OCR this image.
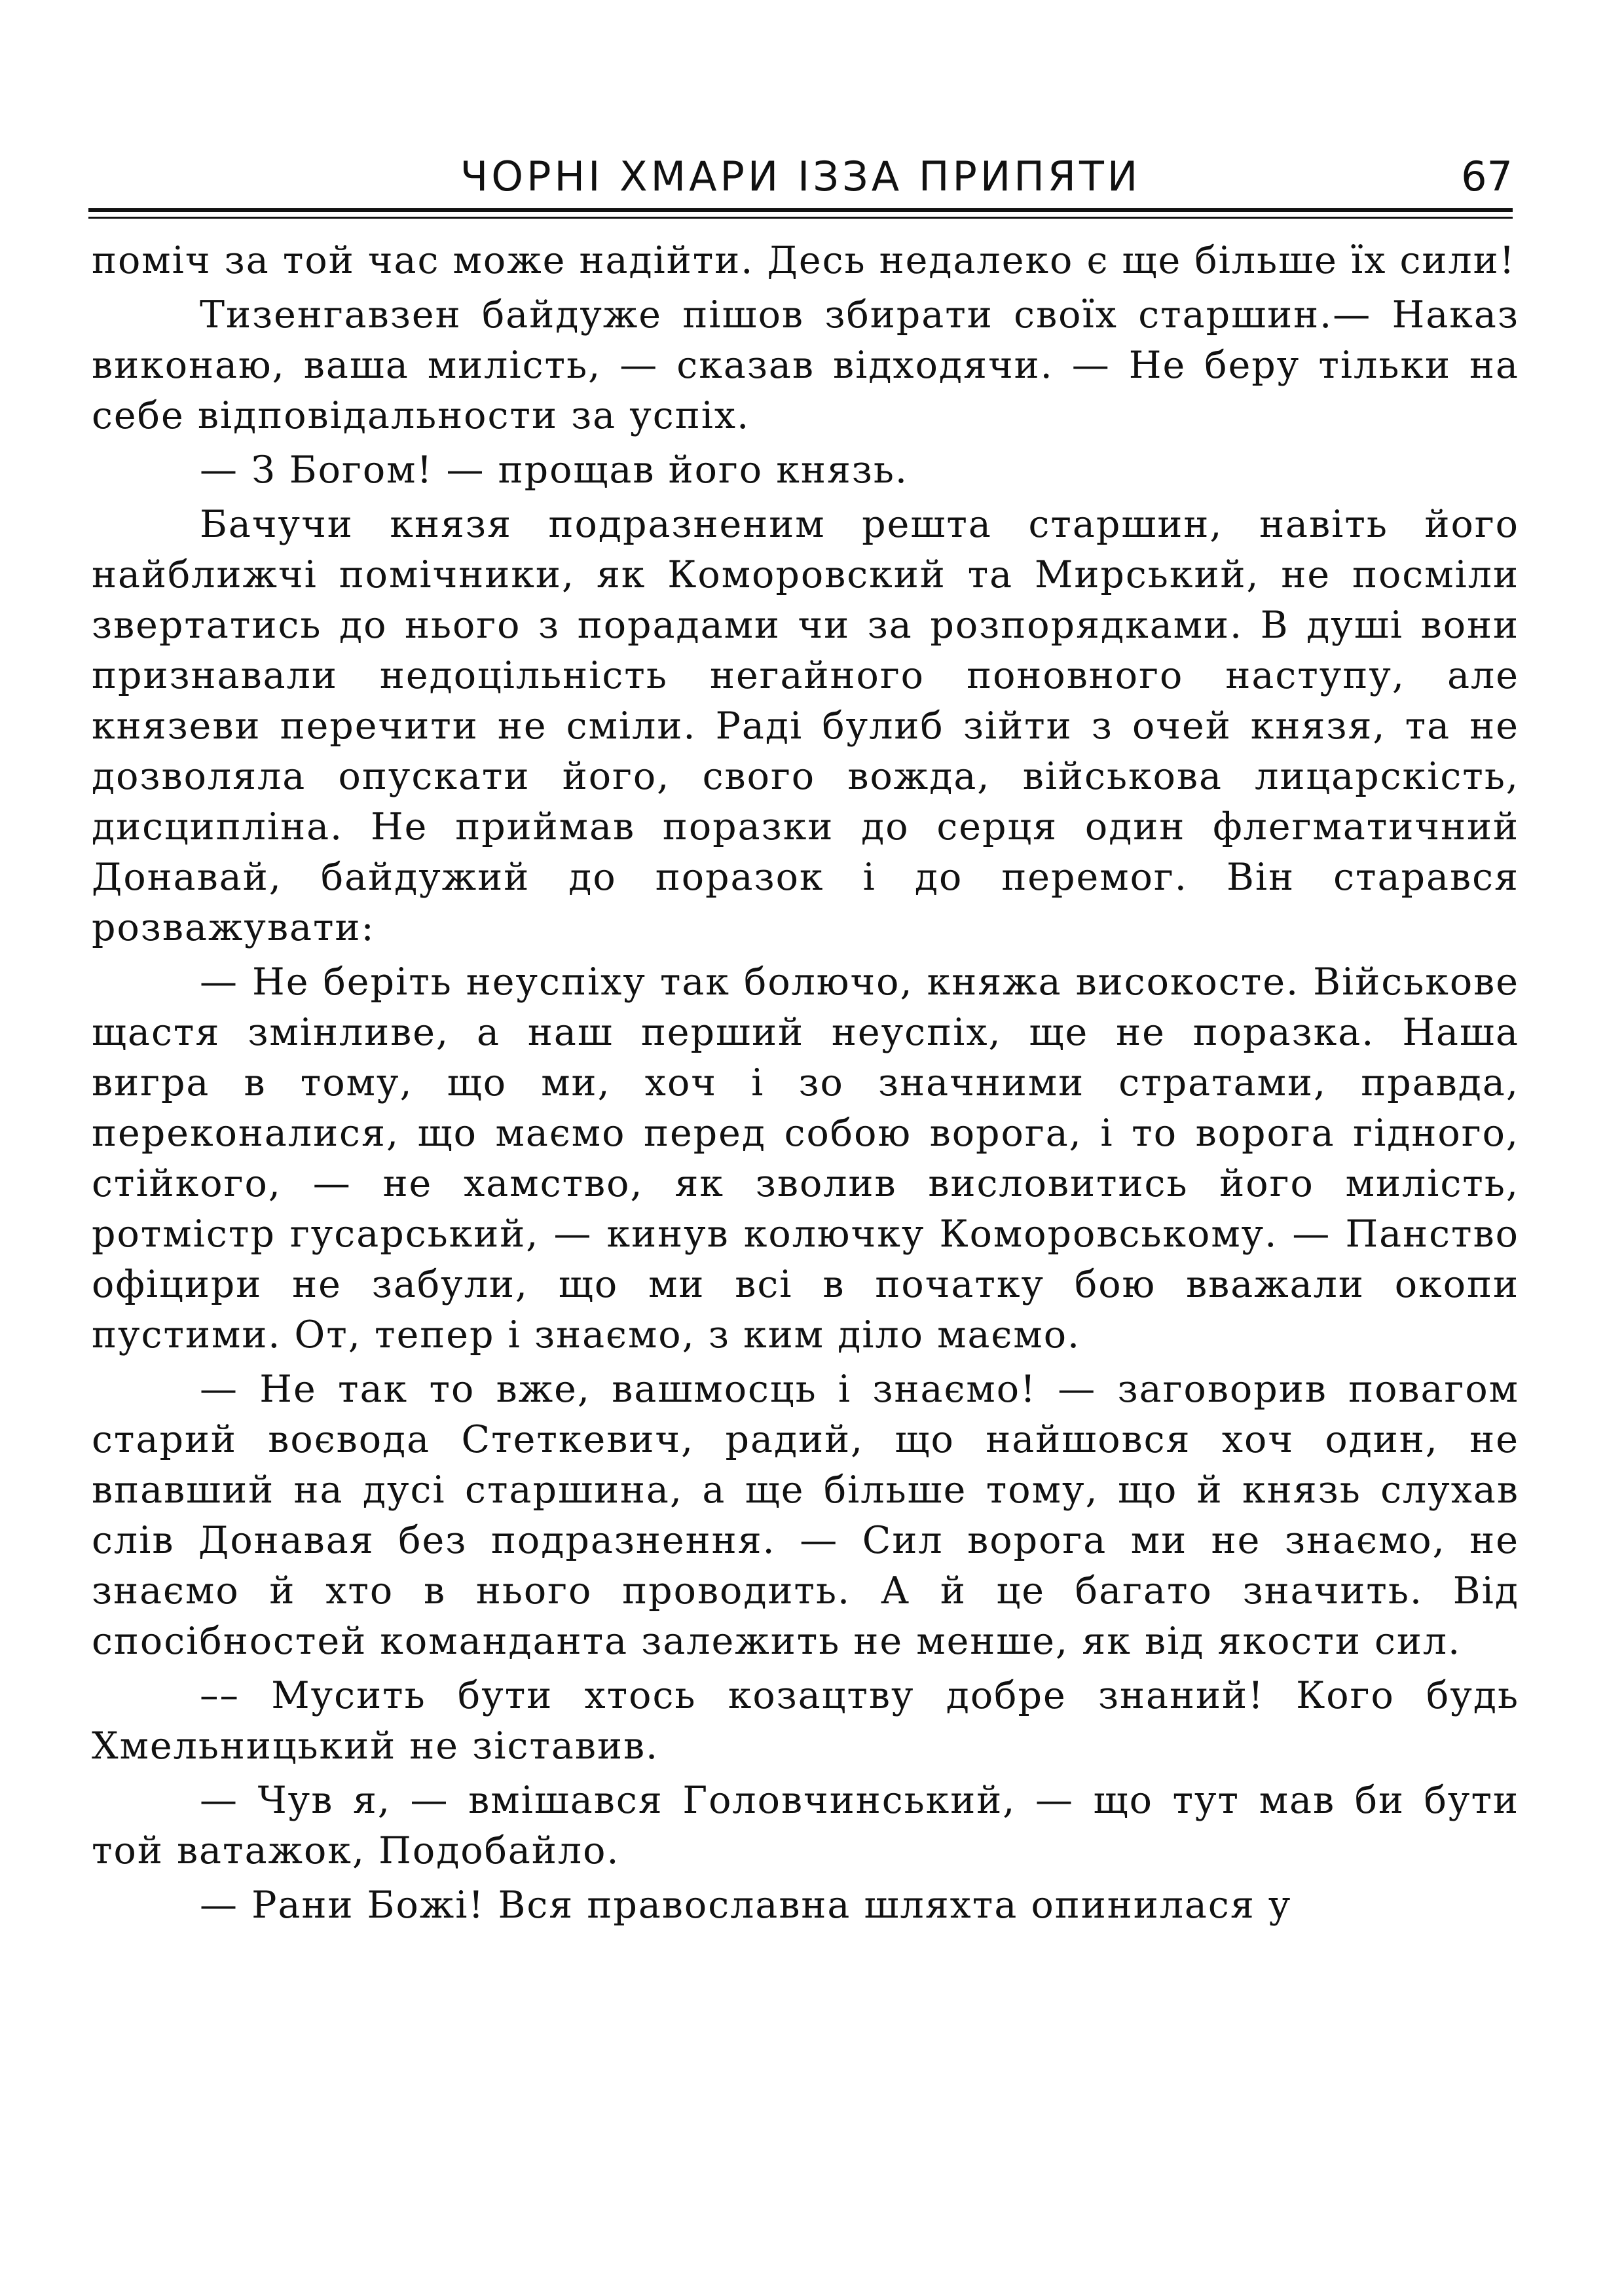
ЧОРНІ ХМАРИ ІЗЗА ПРИПЯТИ	67

поміч за той час може надійти. Десь недалеко є ще більше їх сили!

Тизенгавзен байдуже пішов збирати своїх старшин.— Наказ виконаю, ваша милість, — сказав відходячи. — Не беру тільки на себе відповідальности за успіх.

— З Богом! — прощав його князь.

Бачучи князя подразненим решта старшин, навіть його найближчі помічники, як Коморовский та Мирський, не посміли звертатись до нього з порадами чи за розпорядками. В душі вони признавали недоцільність негайного поновного наступу, але князеви перечити не сміли. Раді булиб зійти з очей князя, та не дозволяла опускати його, свого вожда, військова лицарскість, дисципліна. Не приймав поразки до серця один флегматичний Донавай, байдужий до поразок і до перемог. Він старався розважувати:

— Не беріть неуспіху так болючо, княжа високосте. Військове щастя змінливе, а наш перший неуспіх, ще не поразка. Наша вигра в тому, що ми, хоч і зо значними стратами, правда, переконалися, що маємо перед собою ворога, і то ворога гідного, стійкого, — не хамство, як зволив висловитись його милість, ротмістр гусарський, — кинув колючку Коморовському. — Панство офіцири не забули, що ми всі в початку бою вважали окопи пустими. От, тепер і знаємо, з ким діло маємо.

— Не так то вже, вашмосць і знаємо! — заговорив повагом старий воєвода Стеткевич, радий, що найшовся хоч один, не впавший на дусі старшина, а ще більше тому, що й князь слухав слів Донавая без подразнення. — Сил ворога ми не знаємо, не знаємо й хто в нього проводить. А й це багато значить. Від спосібностей команданта залежить не менше, як від якости сил.

–– Мусить бути хтось козацтву добре знаний! Кого будь Хмельницький не зіставив.

— Чув я, — вмішався Головчинський, — що тут мав би бути той ватажок, Подобайло.

— Рани Божі! Вся православна шляхта опинилася у
